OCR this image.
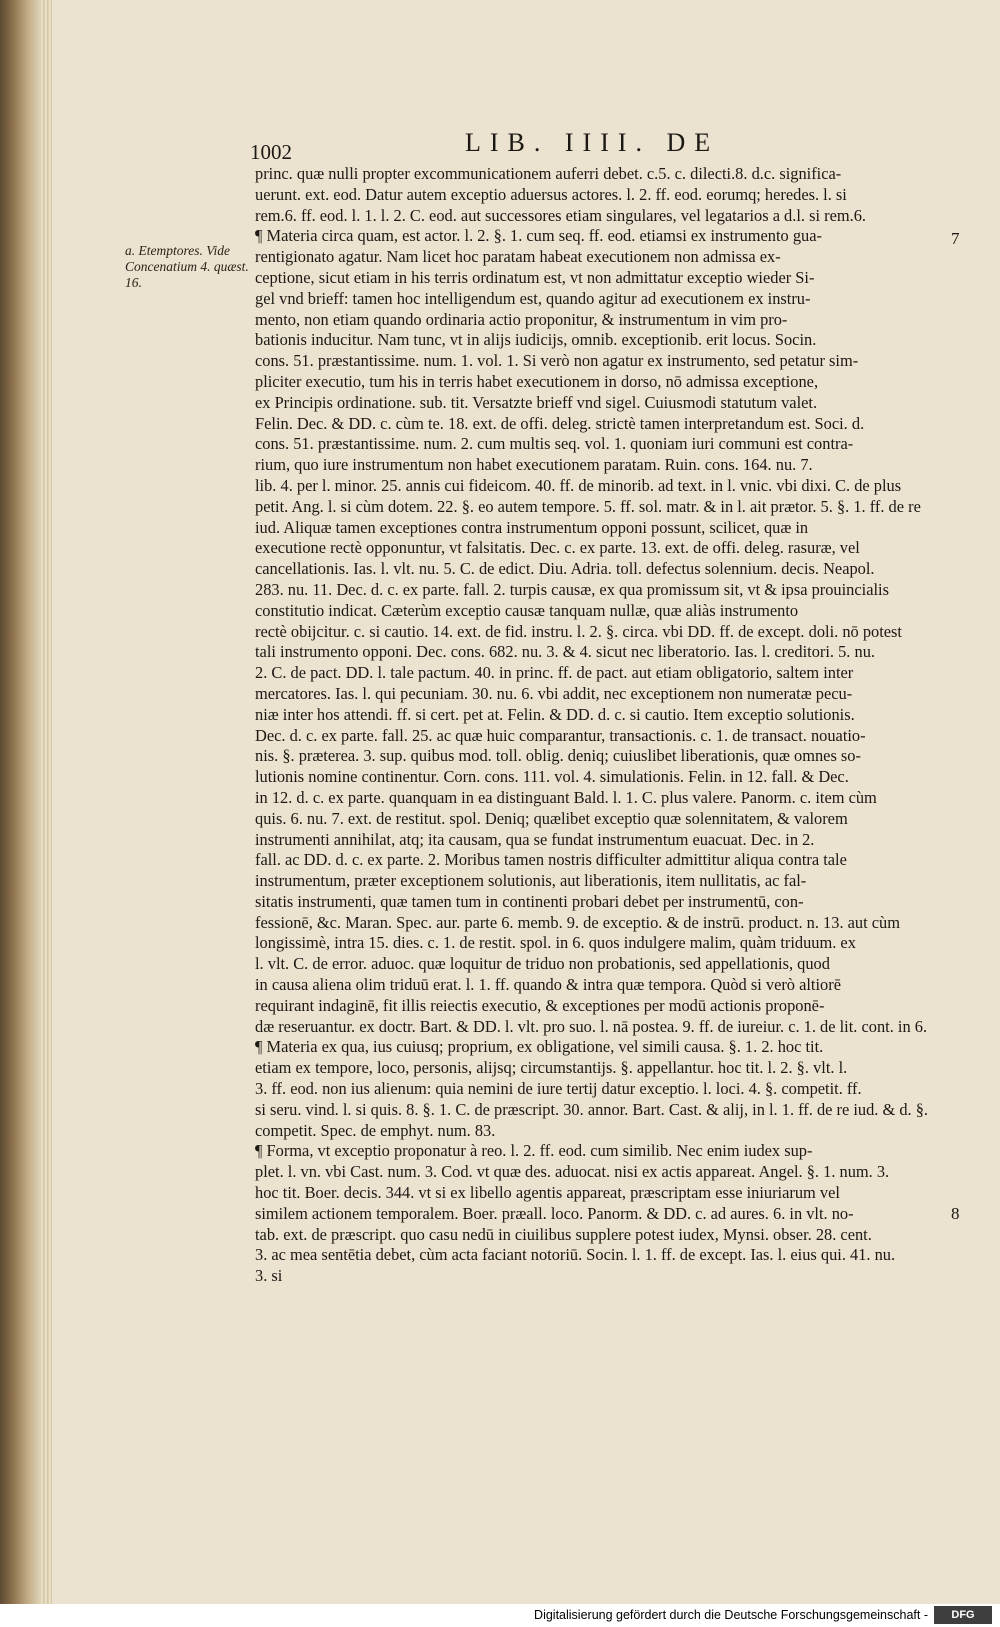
1002	LIB. IIII. DE
a. Etemptores. Vide Concenatium 4. quæst. 16.
7
8
princ. quæ nulli propter excommunicationem auferri debet. c.5. c. dilecti.8. d.c. significa-
uerunt. ext. eod. Datur autem exceptio aduersus actores. l. 2. ff. eod. eorumq; heredes. l. si
rem.6. ff. eod. l. 1. l. 2. C. eod. aut successores etiam singulares, vel legatarios a d.l. si rem.6.
¶ Materia circa quam, est actor. l. 2. §. 1. cum seq. ff. eod. etiamsi ex instrumento gua-
rentigionato agatur. Nam licet hoc paratam habeat executionem non admissa ex-
ceptione, sicut etiam in his terris ordinatum est, vt non admittatur exceptio wieder Si-
gel vnd brieff: tamen hoc intelligendum est, quando agitur ad executionem ex instru-
mento, non etiam quando ordinaria actio proponitur, & instrumentum in vim pro-
bationis inducitur. Nam tunc, vt in alijs iudicijs, omnib. exceptionib. erit locus. Socin.
cons. 51. præstantissime. num. 1. vol. 1. Si verò non agatur ex instrumento, sed petatur sim-
pliciter executio, tum his in terris habet executionem in dorso, nō admissa exceptione,
ex Principis ordinatione. sub. tit. Versatzte brieff vnd sigel. Cuiusmodi statutum valet.
Felin. Dec. & DD. c. cùm te. 18. ext. de offi. deleg. strictè tamen interpretandum est. Soci. d.
cons. 51. præstantissime. num. 2. cum multis seq. vol. 1. quoniam iuri communi est contra-
rium, quo iure instrumentum non habet executionem paratam. Ruin. cons. 164. nu. 7.
lib. 4. per l. minor. 25. annis cui fideicom. 40. ff. de minorib. ad text. in l. vnic. vbi dixi. C. de plus
petit. Ang. l. si cùm dotem. 22. §. eo autem tempore. 5. ff. sol. matr. & in l. ait prætor. 5. §. 1. ff. de re
iud. Aliquæ tamen exceptiones contra instrumentum opponi possunt, scilicet, quæ in
executione rectè opponuntur, vt falsitatis. Dec. c. ex parte. 13. ext. de offi. deleg. rasuræ, vel
cancellationis. Ias. l. vlt. nu. 5. C. de edict. Diu. Adria. toll. defectus solennium. decis. Neapol.
283. nu. 11. Dec. d. c. ex parte. fall. 2. turpis causæ, ex qua promissum sit, vt & ipsa prouincialis
constitutio indicat. Cæterùm exceptio causæ tanquam nullæ, quæ aliàs instrumento
rectè obijcitur. c. si cautio. 14. ext. de fid. instru. l. 2. §. circa. vbi DD. ff. de except. doli. nō potest
tali instrumento opponi. Dec. cons. 682. nu. 3. & 4. sicut nec liberatorio. Ias. l. creditori. 5. nu.
2. C. de pact. DD. l. tale pactum. 40. in princ. ff. de pact. aut etiam obligatorio, saltem inter
mercatores. Ias. l. qui pecuniam. 30. nu. 6. vbi addit, nec exceptionem non numeratæ pecu-
niæ inter hos attendi. ff. si cert. pet at. Felin. & DD. d. c. si cautio. Item exceptio solutionis.
Dec. d. c. ex parte. fall. 25. ac quæ huic comparantur, transactionis. c. 1. de transact. nouatio-
nis. §. præterea. 3. sup. quibus mod. toll. oblig. deniq; cuiuslibet liberationis, quæ omnes so-
lutionis nomine continentur. Corn. cons. 111. vol. 4. simulationis. Felin. in 12. fall. & Dec.
in 12. d. c. ex parte. quanquam in ea distinguant Bald. l. 1. C. plus valere. Panorm. c. item cùm
quis. 6. nu. 7. ext. de restitut. spol. Deniq; quælibet exceptio quæ solennitatem, & valorem
instrumenti annihilat, atq; ita causam, qua se fundat instrumentum euacuat. Dec. in 2.
fall. ac DD. d. c. ex parte. 2. Moribus tamen nostris difficulter admittitur aliqua contra tale
instrumentum, præter exceptionem solutionis, aut liberationis, item nullitatis, ac fal-
sitatis instrumenti, quæ tamen tum in continenti probari debet per instrumentū, con-
fessionē, &c. Maran. Spec. aur. parte 6. memb. 9. de exceptio. & de instrū. product. n. 13. aut cùm
longissimè, intra 15. dies. c. 1. de restit. spol. in 6. quos indulgere malim, quàm triduum. ex
l. vlt. C. de error. aduoc. quæ loquitur de triduo non probationis, sed appellationis, quod
in causa aliena olim triduū erat. l. 1. ff. quando & intra quæ tempora. Quòd si verò altiorē
requirant indaginē, fit illis reiectis executio, & exceptiones per modū actionis proponē-
dæ reseruantur. ex doctr. Bart. & DD. l. vlt. pro suo. l. nā postea. 9. ff. de iureiur. c. 1. de lit. cont. in 6.
¶ Materia ex qua, ius cuiusq; proprium, ex obligatione, vel simili causa. §. 1. 2. hoc tit.
etiam ex tempore, loco, personis, alijsq; circumstantijs. §. appellantur. hoc tit. l. 2. §. vlt. l.
3. ff. eod. non ius alienum: quia nemini de iure tertij datur exceptio. l. loci. 4. §. competit. ff.
si seru. vind. l. si quis. 8. §. 1. C. de præscript. 30. annor. Bart. Cast. & alij, in l. 1. ff. de re iud. & d. §.
competit. Spec. de emphyt. num. 83.
¶ Forma, vt exceptio proponatur à reo. l. 2. ff. eod. cum similib. Nec enim iudex sup-
plet. l. vn. vbi Cast. num. 3. Cod. vt quæ des. aduocat. nisi ex actis appareat. Angel. §. 1. num. 3.
hoc tit. Boer. decis. 344. vt si ex libello agentis appareat, præscriptam esse iniuriarum vel
similem actionem temporalem. Boer. præall. loco. Panorm. & DD. c. ad aures. 6. in vlt. no-
tab. ext. de præscript. quo casu nedū in ciuilibus supplere potest iudex, Mynsi. obser. 28. cent.
3. ac mea sentētia debet, cùm acta faciant notoriū. Socin. l. 1. ff. de except. Ias. l. eius qui. 41. nu.
3. si
Digitalisierung gefördert durch die Deutsche Forschungsgemeinschaft -	DFG
